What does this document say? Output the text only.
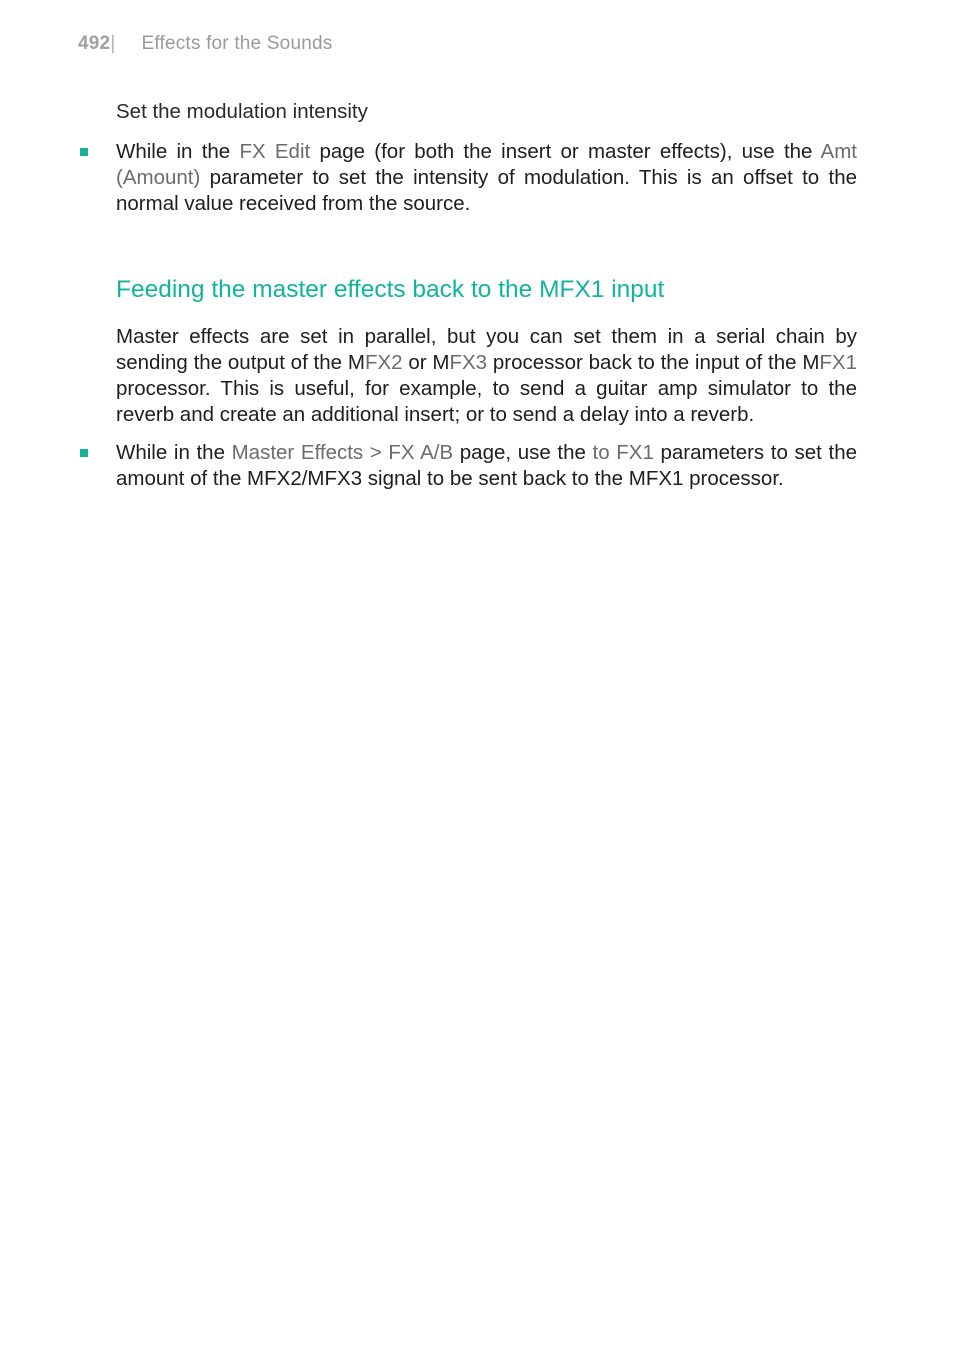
492| Effects for the Sounds
Set the modulation intensity
While in the FX Edit page (for both the insert or master effects), use the Amt (Amount) parameter to set the intensity of modulation. This is an offset to the normal value received from the source.
Feeding the master effects back to the MFX1 input
Master effects are set in parallel, but you can set them in a serial chain by sending the output of the MFX2 or MFX3 processor back to the input of the MFX1 processor. This is useful, for example, to send a guitar amp simulator to the reverb and create an additional insert; or to send a delay into a reverb.
While in the Master Effects > FX A/B page, use the to FX1 parameters to set the amount of the MFX2/MFX3 signal to be sent back to the MFX1 processor.
